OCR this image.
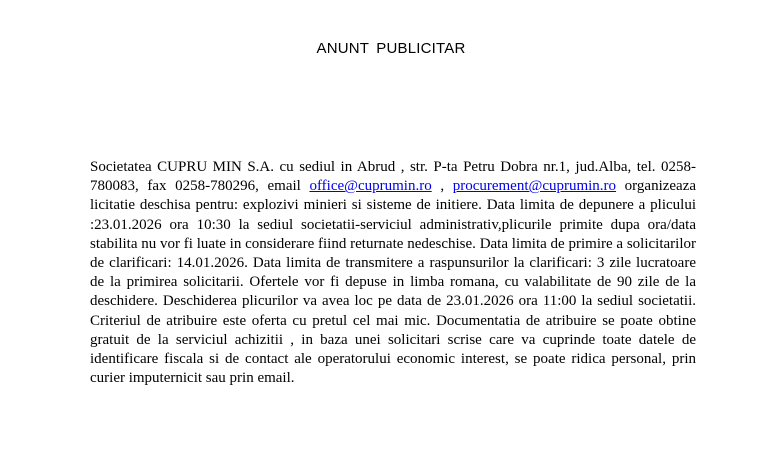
ANUNT PUBLICITAR
Societatea CUPRU MIN S.A. cu sediul in Abrud , str. P-ta Petru Dobra nr.1, jud.Alba, tel. 0258-780083, fax 0258-780296, email office@cuprumin.ro , procurement@cuprumin.ro organizeaza licitatie deschisa pentru: explozivi minieri si sisteme de initiere. Data limita de depunere a plicului :23.01.2026 ora 10:30 la sediul societatii-serviciul administrativ,plicurile primite dupa ora/data stabilita nu vor fi luate in considerare fiind returnate nedeschise. Data limita de primire a solicitarilor de clarificari: 14.01.2026. Data limita de transmitere a raspunsurilor la clarificari: 3 zile lucratoare de la primirea solicitarii. Ofertele vor fi depuse in limba romana, cu valabilitate de 90 zile de la deschidere. Deschiderea plicurilor va avea loc pe data de 23.01.2026 ora 11:00 la sediul societatii. Criteriul de atribuire este oferta cu pretul cel mai mic. Documentatia de atribuire se poate obtine gratuit de la serviciul achizitii , in baza unei solicitari scrise care va cuprinde toate datele de identificare fiscala si de contact ale operatorului economic interest, se poate ridica personal, prin curier imputernicit sau prin email.
